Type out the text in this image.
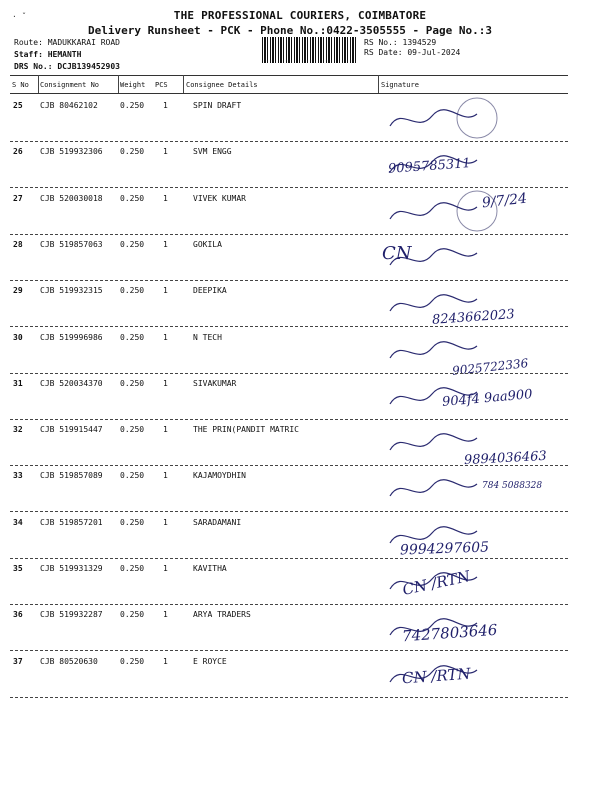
· ˇ	THE PROFESSIONAL COURIERS, COIMBATORE
Delivery Runsheet - PCK - Phone No.:0422-3505555 - Page No.:3
Route: MADUKKARAI ROAD
Staff: HEMANTH
DRS No.: DCJB139452903
RS No.: 1394529
RS Date: 09-Jul-2024
S No Consignment No	Weight PCS	Consignee Details	Signature
25 CJB 80462102	0.250 1	SPIN DRAFT
26 CJB 519932306 0.250 1	SVM ENGG
9095785311
27 CJB 520030018 0.250 1	VIVEK KUMAR	9/7/24
28 CJB 519857063 0.250 1	GOKILA	CN
29 CJB 519932315 0.250 1	DEEPIKA
8243662023
30 CJB 519996986 0.250 1	N TECH
9025722336
31 CJB 520034370 0.250 1	SIVAKUMAR
904f4 9aa900
32 CJB 519915447 0.250 1	THE PRIN(PANDIT MATRIC
9894036463
33 CJB 519857089 0.250 1	KAJAMOYDHIN
784 5088328
34 CJB 519857201 0.250 1	SARADAMANI
9994297605
35 CJB 519931329 0.250 1	KAVITHA	CN /RTN
36 CJB 519932287 0.250 1	ARYA TRADERS
7427803646
37 CJB 80520630	0.250 1	E ROYCE
CN /RTN
